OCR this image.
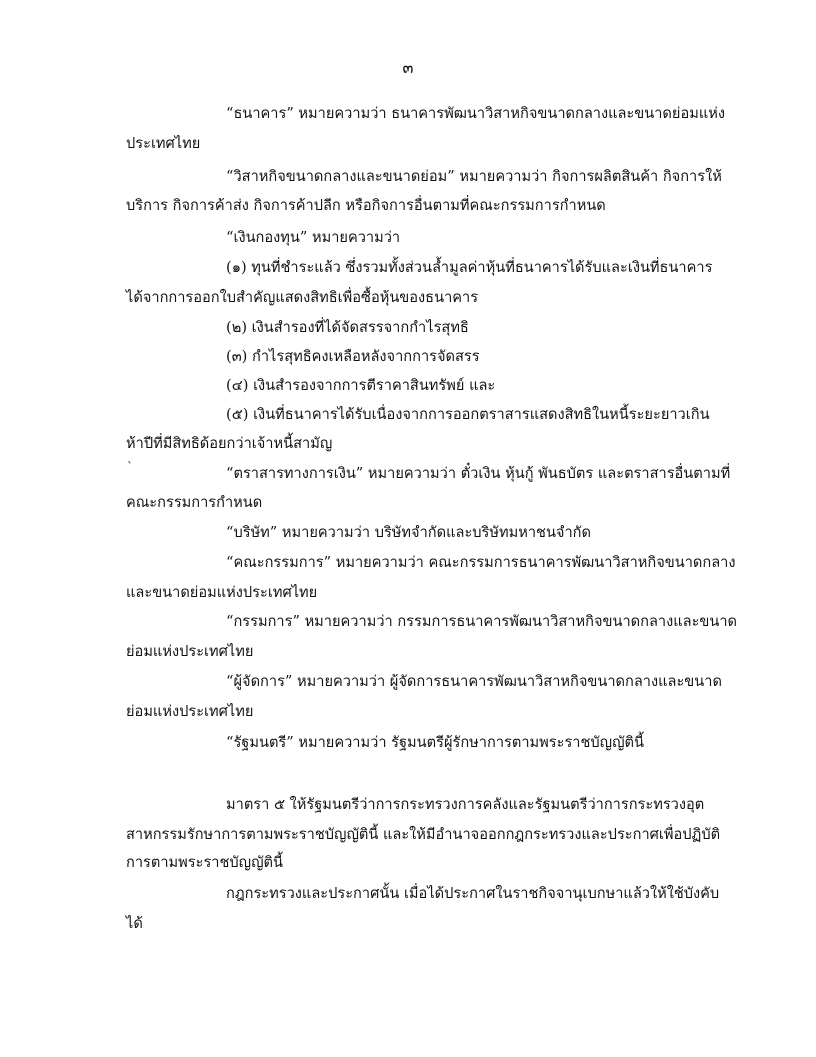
๓
“ธนาคาร” หมายความว่า ธนาคารพัฒนาวิสาหกิจขนาดกลางและขนาดย่อมแห่ง
ประเทศไทย
“วิสาหกิจขนาดกลางและขนาดย่อม” หมายความว่า กิจการผลิตสินค้า กิจการให้
บริการ กิจการค้าส่ง กิจการค้าปลีก หรือกิจการอื่นตามที่คณะกรรมการกำหนด
“เงินกองทุน” หมายความว่า
(๑) ทุนที่ชำระแล้ว ซึ่งรวมทั้งส่วนล้ำมูลค่าหุ้นที่ธนาคารได้รับและเงินที่ธนาคาร
ได้จากการออกใบสำคัญแสดงสิทธิเพื่อซื้อหุ้นของธนาคาร
(๒) เงินสำรองที่ได้จัดสรรจากกำไรสุทธิ
(๓) กำไรสุทธิคงเหลือหลังจากการจัดสรร
(๔) เงินสำรองจากการตีราคาสินทรัพย์ และ
(๕) เงินที่ธนาคารได้รับเนื่องจากการออกตราสารแสดงสิทธิในหนี้ระยะยาวเกิน
ห้าปีที่มีสิทธิด้อยกว่าเจ้าหนี้สามัญ
`	“ตราสารทางการเงิน” หมายความว่า ตั๋วเงิน หุ้นกู้ พันธบัตร และตราสารอื่นตามที่
คณะกรรมการกำหนด
“บริษัท” หมายความว่า บริษัทจำกัดและบริษัทมหาชนจำกัด
“คณะกรรมการ” หมายความว่า คณะกรรมการธนาคารพัฒนาวิสาหกิจขนาดกลาง
และขนาดย่อมแห่งประเทศไทย
“กรรมการ” หมายความว่า กรรมการธนาคารพัฒนาวิสาหกิจขนาดกลางและขนาด
ย่อมแห่งประเทศไทย
“ผู้จัดการ” หมายความว่า ผู้จัดการธนาคารพัฒนาวิสาหกิจขนาดกลางและขนาด
ย่อมแห่งประเทศไทย
“รัฐมนตรี” หมายความว่า รัฐมนตรีผู้รักษาการตามพระราชบัญญัตินี้
มาตรา ๕ ให้รัฐมนตรีว่าการกระทรวงการคลังและรัฐมนตรีว่าการกระทรวงอุต
สาหกรรมรักษาการตามพระราชบัญญัตินี้ และให้มีอำนาจออกกฎกระทรวงและประกาศเพื่อปฏิบัติ
การตามพระราชบัญญัตินี้
กฎกระทรวงและประกาศนั้น เมื่อได้ประกาศในราชกิจจานุเบกษาแล้วให้ใช้บังคับ
ได้
